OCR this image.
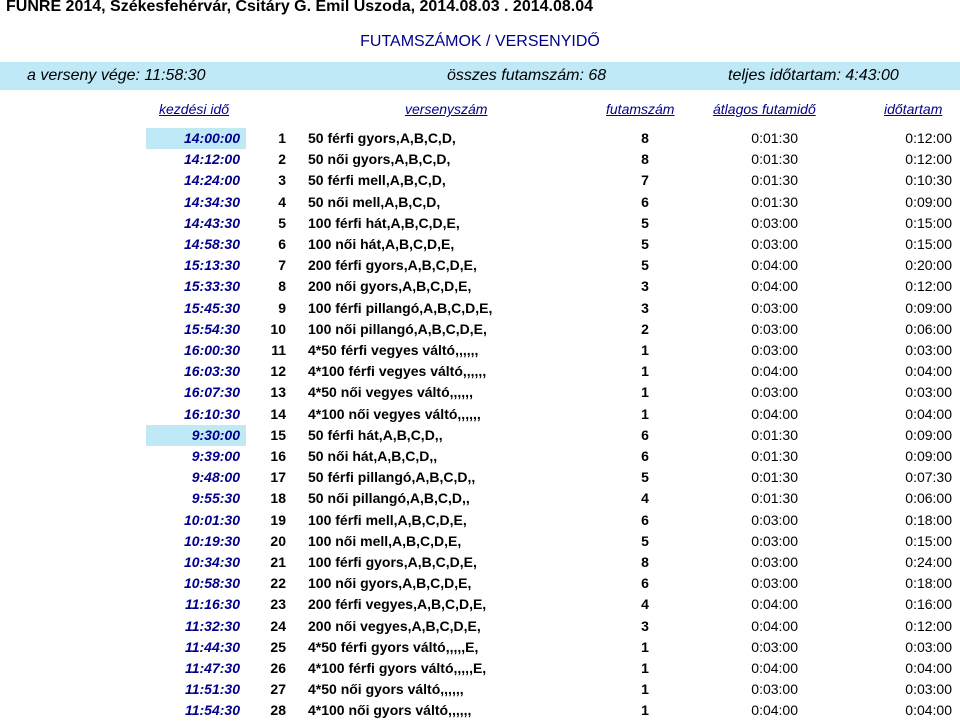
FUNRE 2014, Székesfehérvár, Csitáry G. Emil Uszoda, 2014.08.03 . 2014.08.04
FUTAMSZÁMOK / VERSENYIDŐ
a verseny vége: 11:58:30	összes futamszám: 68	teljes időtartam: 4:43:00
kezdési idő	versenyszám	futamszám	átlagos futamidő	időtartam
14:00:00	1 50 férfi gyors,A,B,C,D,	8	0:01:30	0:12:00
14:12:00	2 50 női gyors,A,B,C,D,	8	0:01:30	0:12:00
14:24:00	3 50 férfi mell,A,B,C,D,	7	0:01:30	0:10:30
14:34:30	4 50 női mell,A,B,C,D,	6	0:01:30	0:09:00
14:43:30	5 100 férfi hát,A,B,C,D,E,	5	0:03:00	0:15:00
14:58:30	6 100 női hát,A,B,C,D,E,	5	0:03:00	0:15:00
15:13:30	7 200 férfi gyors,A,B,C,D,E,	5	0:04:00	0:20:00
15:33:30	8 200 női gyors,A,B,C,D,E,	3	0:04:00	0:12:00
15:45:30	9 100 férfi pillangó,A,B,C,D,E,	3	0:03:00	0:09:00
15:54:30	10 100 női pillangó,A,B,C,D,E,	2	0:03:00	0:06:00
16:00:30	11 4*50 férfi vegyes váltó,,,,,,	1	0:03:00	0:03:00
16:03:30	12 4*100 férfi vegyes váltó,,,,,,	1	0:04:00	0:04:00
16:07:30	13 4*50 női vegyes váltó,,,,,,	1	0:03:00	0:03:00
16:10:30	14 4*100 női vegyes váltó,,,,,,	1	0:04:00	0:04:00
9:30:00	15 50 férfi hát,A,B,C,D,,	6	0:01:30	0:09:00
9:39:00	16 50 női hát,A,B,C,D,,	6	0:01:30	0:09:00
9:48:00	17 50 férfi pillangó,A,B,C,D,,	5	0:01:30	0:07:30
9:55:30	18 50 női pillangó,A,B,C,D,,	4	0:01:30	0:06:00
10:01:30	19 100 férfi mell,A,B,C,D,E,	6	0:03:00	0:18:00
10:19:30	20 100 női mell,A,B,C,D,E,	5	0:03:00	0:15:00
10:34:30	21 100 férfi gyors,A,B,C,D,E,	8	0:03:00	0:24:00
10:58:30	22 100 női gyors,A,B,C,D,E,	6	0:03:00	0:18:00
11:16:30	23 200 férfi vegyes,A,B,C,D,E,	4	0:04:00	0:16:00
11:32:30	24 200 női vegyes,A,B,C,D,E,	3	0:04:00	0:12:00
11:44:30	25 4*50 férfi gyors váltó,,,,,E,	1	0:03:00	0:03:00
11:47:30	26 4*100 férfi gyors váltó,,,,,E,	1	0:04:00	0:04:00
11:51:30	27 4*50 női gyors váltó,,,,,,	1	0:03:00	0:03:00
11:54:30	28 4*100 női gyors váltó,,,,,,	1	0:04:00	0:04:00
